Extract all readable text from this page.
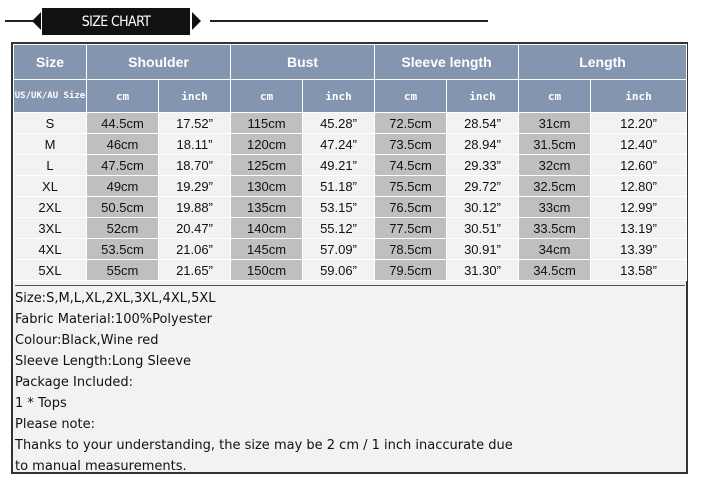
SIZE CHART
Size	Shoulder		Bust		Sleeve length		Length	
US/UK/AU Size	cm	inch	cm	inch	cm	inch	cm	inch
S	44.5cm	17.52”	115cm	45.28”	72.5cm	28.54”	31cm	12.20”
M	46cm	18.11”	120cm	47.24”	73.5cm	28.94”	31.5cm	12.40”
L	47.5cm	18.70”	125cm	49.21”	74.5cm	29.33”	32cm	12.60”
XL	49cm	19.29”	130cm	51.18”	75.5cm	29.72”	32.5cm	12.80”
2XL	50.5cm	19.88”	135cm	53.15”	76.5cm	30.12”	33cm	12.99”
3XL	52cm	20.47”	140cm	55.12”	77.5cm	30.51”	33.5cm	13.19”
4XL	53.5cm	21.06”	145cm	57.09”	78.5cm	30.91”	34cm	13.39”
5XL	55cm	21.65”	150cm	59.06”	79.5cm	31.30”	34.5cm	13.58”
Size:S,M,L,XL,2XL,3XL,4XL,5XL
Fabric Material:100%Polyester
Colour:Black,Wine red
Sleeve Length:Long Sleeve
Package Included:
1 * Tops
Please note:
Thanks to your understanding, the size may be 2 cm / 1 inch inaccurate due
to manual measurements.
